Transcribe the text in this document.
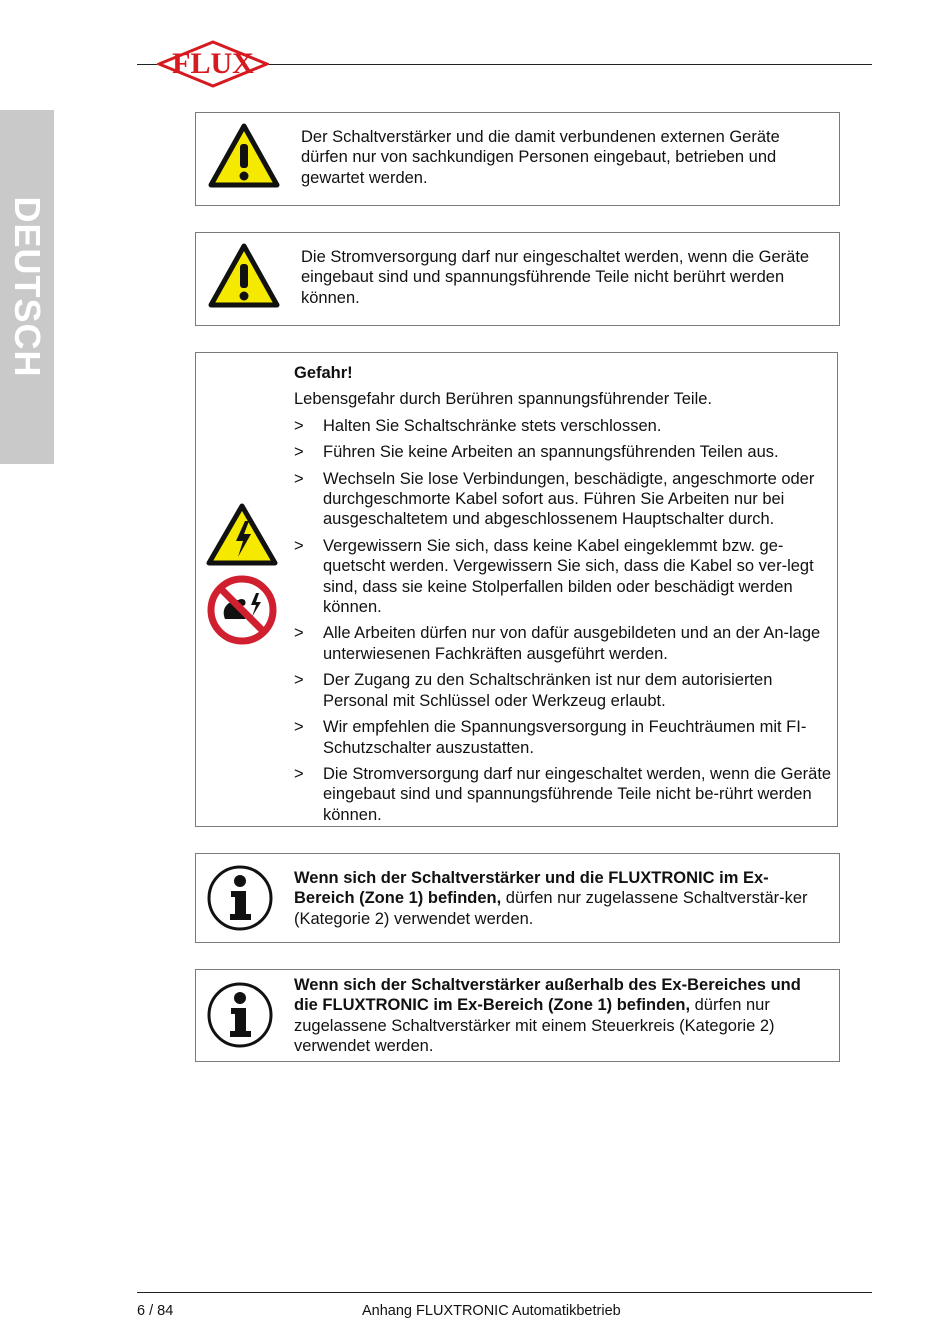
FLUX
DEUTSCH
Der Schaltverstärker und die damit verbundenen externen Geräte dürfen nur von sachkundigen Personen eingebaut, betrieben und gewartet werden.
Die Stromversorgung darf nur eingeschaltet werden, wenn die Geräte eingebaut sind und spannungsführende Teile nicht berührt werden können.
Gefahr!
Lebensgefahr durch Berühren spannungsführender Teile.
> Halten Sie Schaltschränke stets verschlossen.
> Führen Sie keine Arbeiten an spannungsführenden Teilen aus.
> Wechseln Sie lose Verbindungen, beschädigte, angeschmorte oder durchgeschmorte Kabel sofort aus. Führen Sie Arbeiten nur bei ausgeschaltetem und abgeschlossenem Hauptschalter durch.
> Vergewissern Sie sich, dass keine Kabel eingeklemmt bzw. ge-quetscht werden. Vergewissern Sie sich, dass die Kabel so ver-legt sind, dass sie keine Stolperfallen bilden oder beschädigt werden können.
> Alle Arbeiten dürfen nur von dafür ausgebildeten und an der An-lage unterwiesenen Fachkräften ausgeführt werden.
> Der Zugang zu den Schaltschränken ist nur dem autorisierten Personal mit Schlüssel oder Werkzeug erlaubt.
> Wir empfehlen die Spannungsversorgung in Feuchträumen mit FI-Schutzschalter auszustatten.
> Die Stromversorgung darf nur eingeschaltet werden, wenn die Geräte eingebaut sind und spannungsführende Teile nicht be-rührt werden können.
Wenn sich der Schaltverstärker und die FLUXTRONIC im Ex-Bereich (Zone 1) befinden, dürfen nur zugelassene Schaltverstär-ker (Kategorie 2) verwendet werden.
Wenn sich der Schaltverstärker außerhalb des Ex-Bereiches und die FLUXTRONIC im Ex-Bereich (Zone 1) befinden, dürfen nur zugelassene Schaltverstärker mit einem Steuerkreis (Kategorie 2) verwendet werden.
6 / 84	Anhang FLUXTRONIC Automatikbetrieb
